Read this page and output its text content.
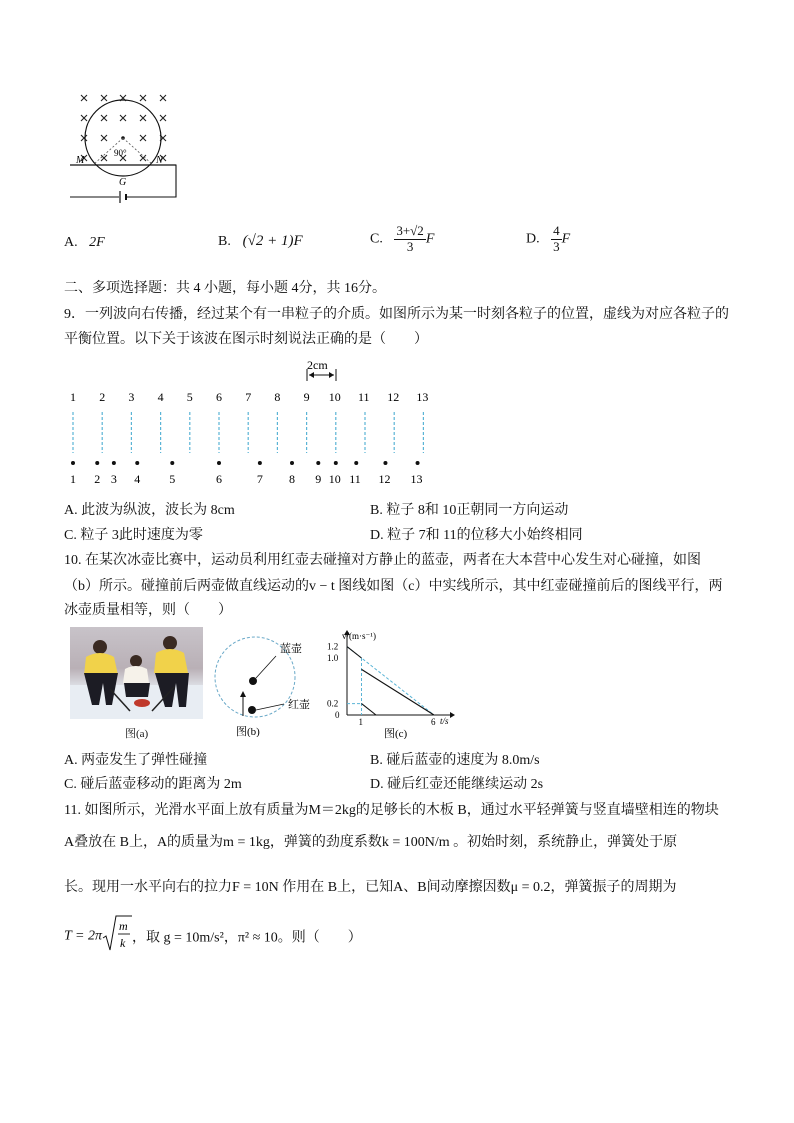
90°
M	N
G
A. 2F	B. (√2 + 1)F	C. $\frac{3+√2}{3}$ F	D. $\frac{4}{3}$ F
二、多项选择题：共 4 小题，每小题 4分，共 16分。
9．一列波向右传播，经过某个有一串粒子的介质。如图所示为某一时刻各粒子的位置，虚线为对应各粒子的
平衡位置。以下关于该波在图示时刻说法正确的是（　　）
2cm
1 2 3 4 5 6 7 8 9 10 11 12 13
1 2 3 4 5	6	7 8 9 10 11 12 13
A. 此波为纵波，波长为 8cm	B. 粒子 8和 10正朝同一方向运动
C. 粒子 3此时速度为零	D. 粒子 7和 11的位移大小始终相同
10. 在某次冰壶比赛中，运动员利用红壶去碰撞对方静止的蓝壶，两者在大本营中心发生对心碰撞，如图
（b）所示。碰撞前后两壶做直线运动的v − t 图线如图（c）中实线所示，其中红壶碰撞前后的图线平行，两
冰壶质量相等，则（　　）
图(a)
蓝壶
红壶
图(b)
v/(m·s⁻¹)
t/s
1.2
1.0
0.2
0
1	6
图(c)
A. 两壶发生了弹性碰撞	B. 碰后蓝壶的速度为 8.0m/s
C. 碰后蓝壶移动的距离为 2m	D. 碰后红壶还能继续运动 2s
11. 如图所示，光滑水平面上放有质量为M＝2kg的足够长的木板 B，通过水平轻弹簧与竖直墙壁相连的物块
A叠放在 B上，A的质量为m = 1kg，弹簧的劲度系数k = 100N/m 。初始时刻，系统静止，弹簧处于原
长。现用一水平向右的拉力F = 10N 作用在 B上，已知A、B间动摩擦因数μ = 0.2，弹簧振子的周期为
T = 2π
m
k ，取 g = 10m/s²，π² ≈ 10。则（　　）
